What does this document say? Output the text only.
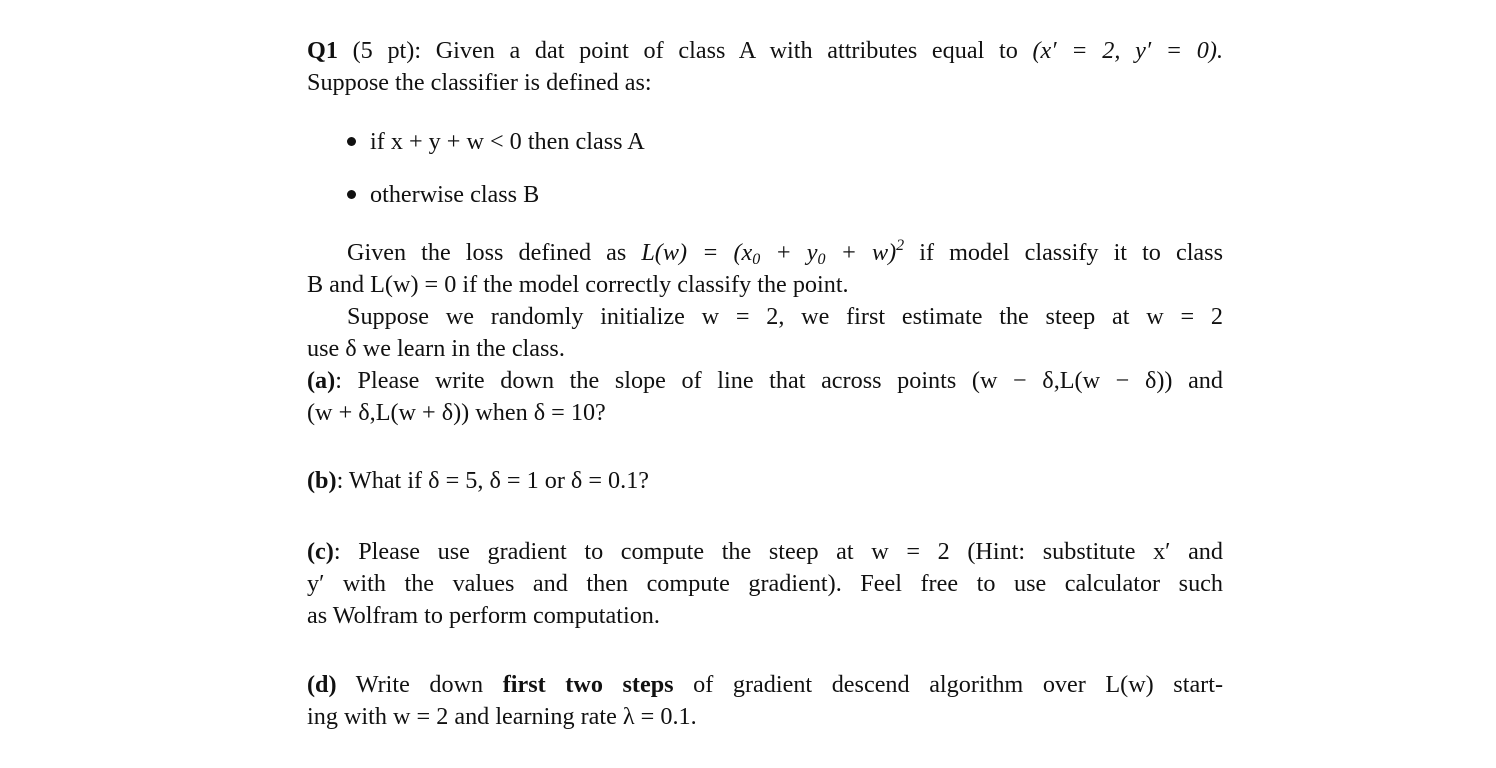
Q1 (5 pt): Given a dat point of class A with attributes equal to (x′ = 2, y′ = 0).
Suppose the classifier is defined as:
if x + y + w < 0 then class A
otherwise class B
Given the loss defined as $L(w) = (x_0 + y_0 + w)^2$ if model classify it to class
B and L(w) = 0 if the model correctly classify the point.
Suppose we randomly initialize w = 2, we first estimate the steep at w = 2
use δ we learn in the class.
(a): Please write down the slope of line that across points (w − δ,L(w − δ)) and
(w + δ,L(w + δ)) when δ = 10?
(b): What if δ = 5, δ = 1 or δ = 0.1?
(c): Please use gradient to compute the steep at w = 2 (Hint: substitute x′ and
y′ with the values and then compute gradient). Feel free to use calculator such
as Wolfram to perform computation.
(d) Write down first two steps of gradient descend algorithm over L(w) start-
ing with w = 2 and learning rate λ = 0.1.
